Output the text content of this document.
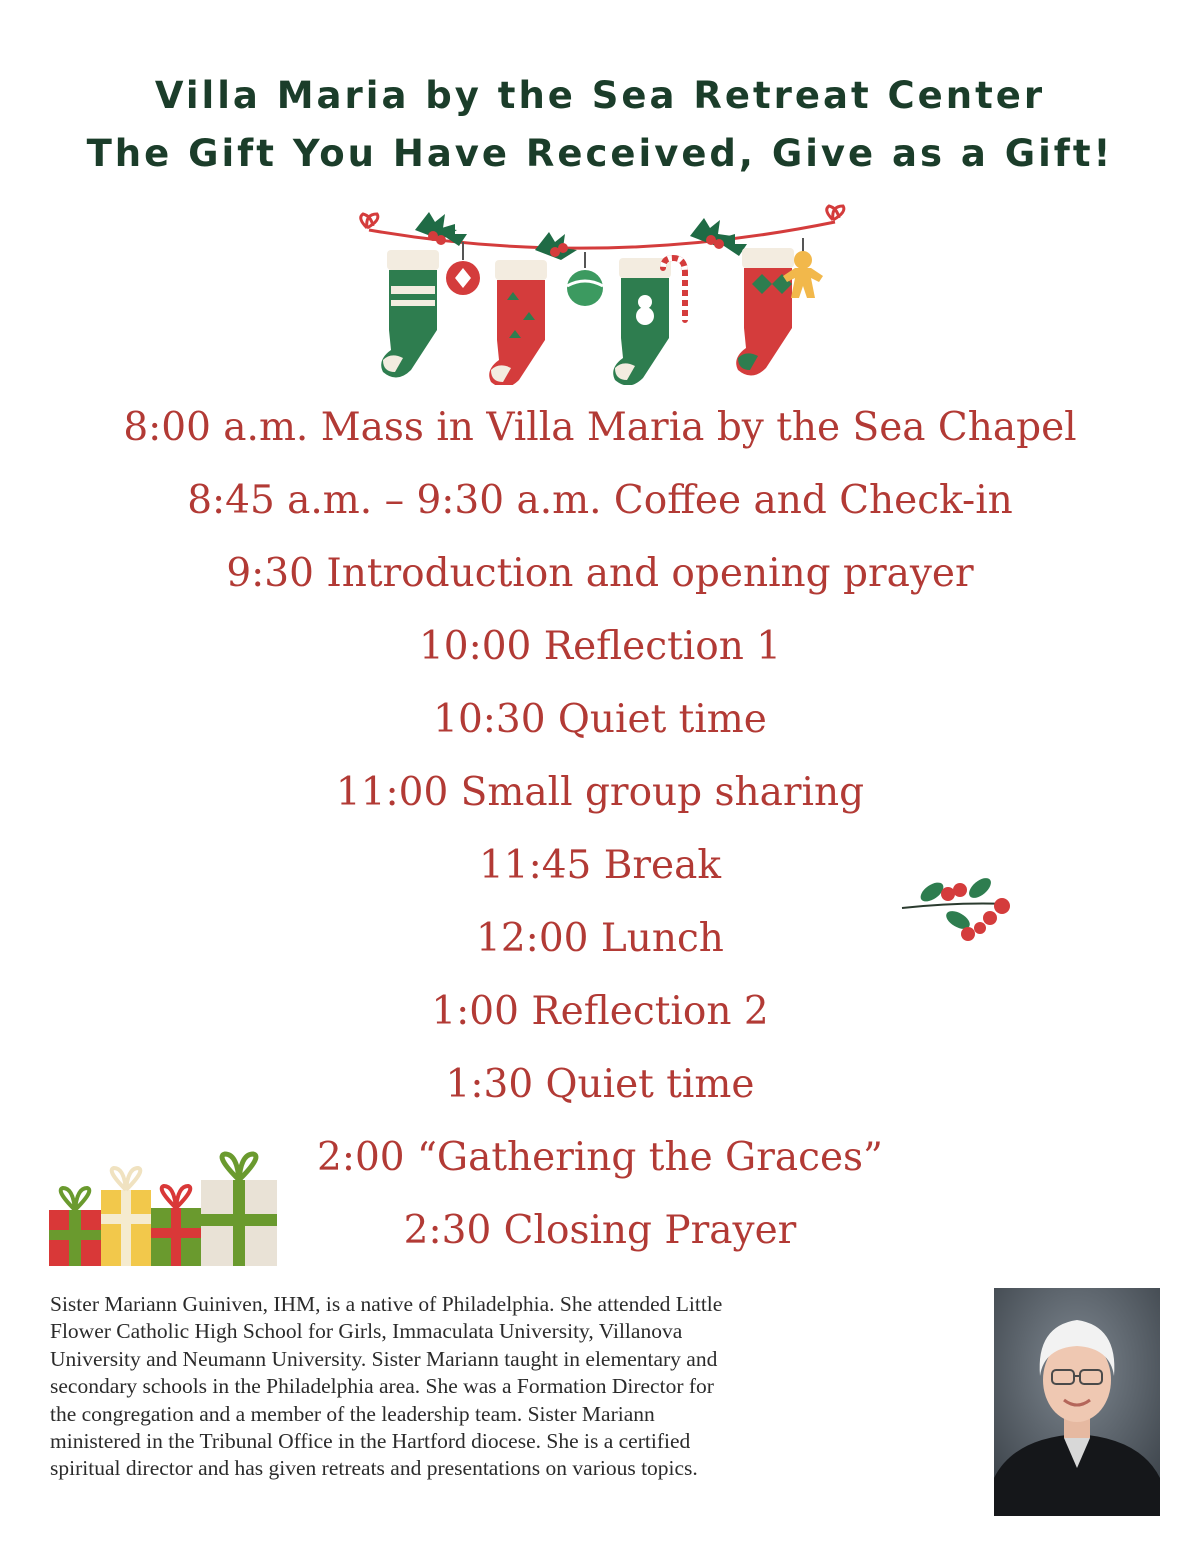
Villa Maria by the Sea Retreat Center
The Gift You Have Received, Give as a Gift!

8:00 a.m. Mass in Villa Maria by the Sea Chapel

8:45 a.m. – 9:30 a.m. Coffee and Check-in

9:30 Introduction and opening prayer

10:00 Reflection 1

10:30 Quiet time

11:00 Small group sharing

11:45 Break

12:00 Lunch

1:00 Reflection 2

1:30 Quiet time

2:00 “Gathering the Graces”

2:30 Closing Prayer

Sister Mariann Guiniven, IHM, is a native of Philadelphia. She attended Little
Flower Catholic High School for Girls, Immaculata University, Villanova
University and Neumann University. Sister Mariann taught in elementary and
secondary schools in the Philadelphia area. She was a Formation Director for
the congregation and a member of the leadership team. Sister Mariann
ministered in the Tribunal Office in the Hartford diocese. She is a certified
spiritual director and has given retreats and presentations on various topics.
